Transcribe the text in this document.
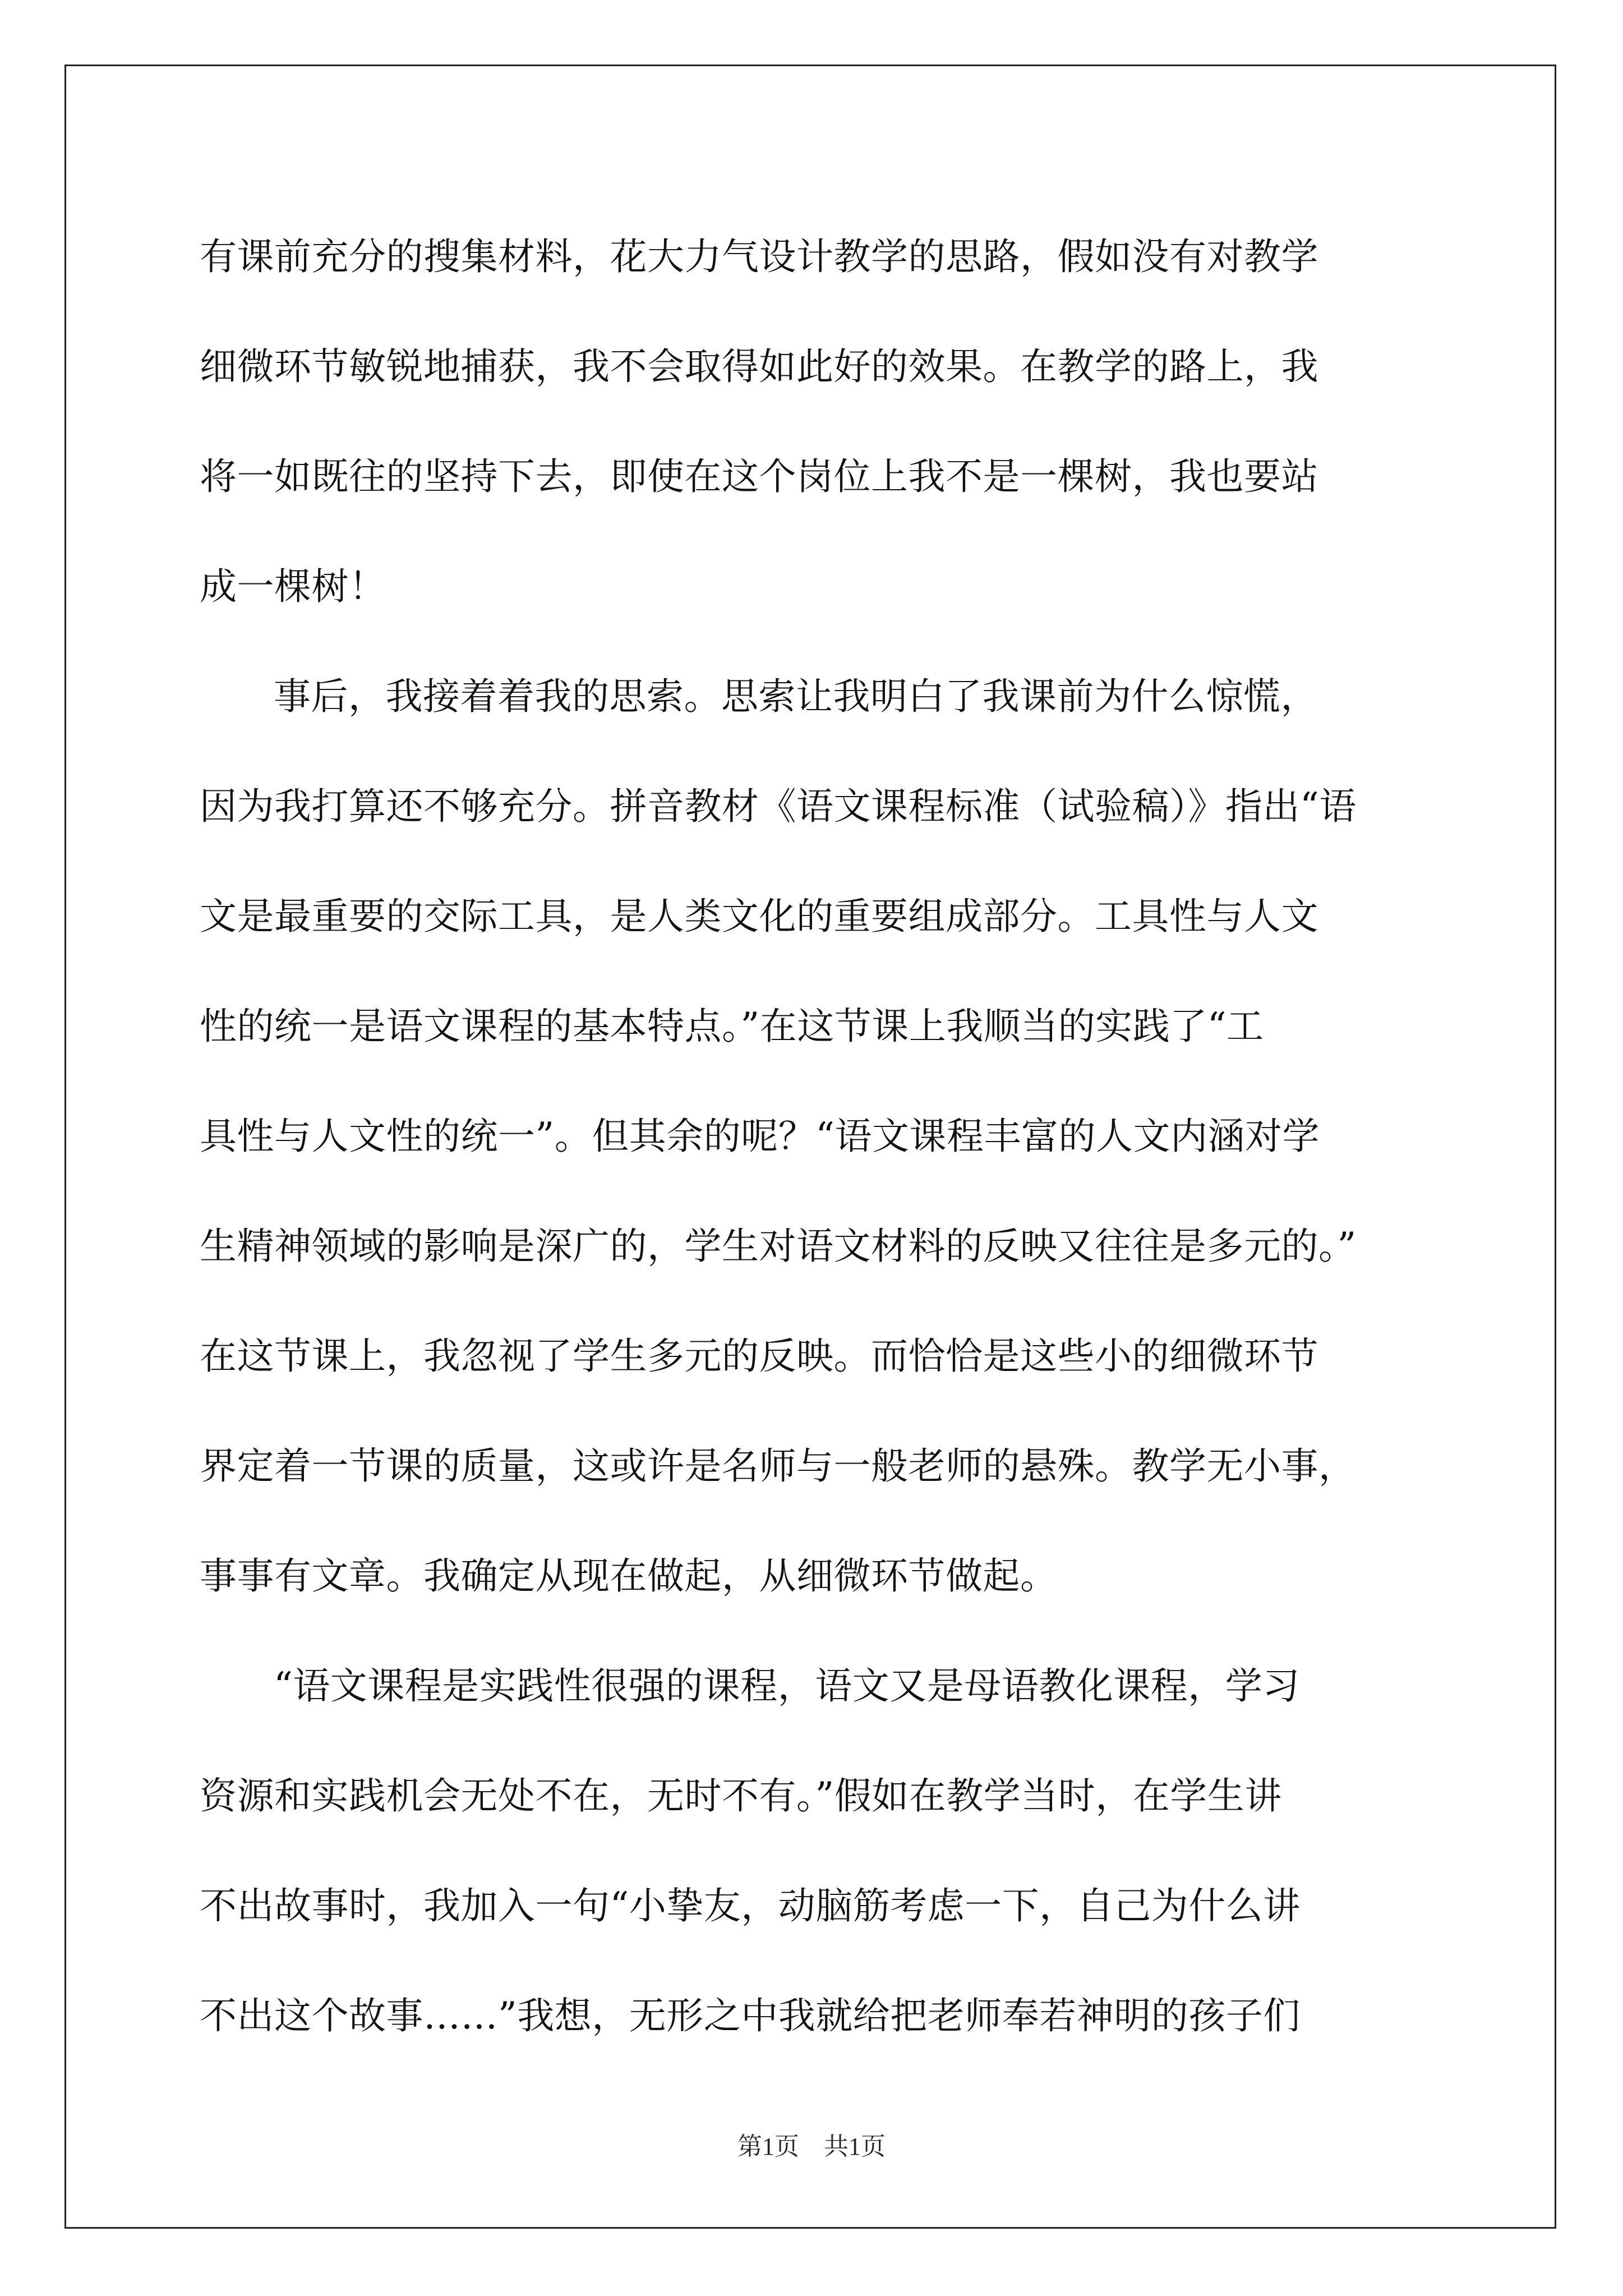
有课前充分的搜集材料，花大力气设计教学的思路，假如没有对教学
细微环节敏锐地捕获，我不会取得如此好的效果。在教学的路上，我
将一如既往的坚持下去，即使在这个岗位上我不是一棵树，我也要站
成一棵树！
事后，我接着着我的思索。思索让我明白了我课前为什么惊慌，
因为我打算还不够充分。拼音教材《语文课程标准（试验稿）》指出“语
文是最重要的交际工具，是人类文化的重要组成部分。工具性与人文
性的统一是语文课程的基本特点。”在这节课上我顺当的实践了“工
具性与人文性的统一”。但其余的呢？“语文课程丰富的人文内涵对学
生精神领域的影响是深广的，学生对语文材料的反映又往往是多元的。”
在这节课上，我忽视了学生多元的反映。而恰恰是这些小的细微环节
界定着一节课的质量，这或许是名师与一般老师的悬殊。教学无小事，
事事有文章。我确定从现在做起，从细微环节做起。
“语文课程是实践性很强的课程，语文又是母语教化课程，学习
资源和实践机会无处不在，无时不有。”假如在教学当时，在学生讲
不出故事时，我加入一句“小挚友，动脑筋考虑一下，自己为什么讲
不出这个故事……”我想，无形之中我就给把老师奉若神明的孩子们
第1页　共1页
